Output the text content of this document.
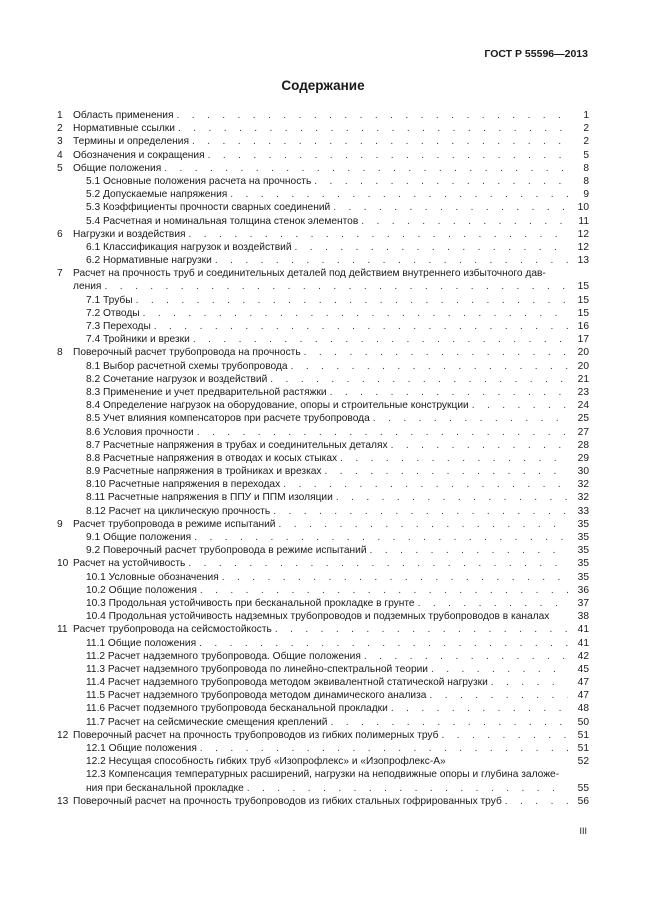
ГОСТ Р 55596—2013
Содержание
1 Область применения . . .	1
2 Нормативные ссылки . . .	2
3 Термины и определения . . .	2
4 Обозначения и сокращения . . .	5
5 Общие положения . . .	8
5.1 Основные положения расчета на прочность . . .	8
5.2 Допускаемые напряжения . . .	9
5.3 Коэффициенты прочности сварных соединений . . .	10
5.4 Расчетная и номинальная толщина стенок элементов . . .	11
6 Нагрузки и воздействия . . .	12
6.1 Классификация нагрузок и воздействий . . .	12
6.2 Нормативные нагрузки . . .	13
7 Расчет на прочность труб и соединительных деталей под действием внутреннего избыточного дав-
ления . . .	15
7.1 Трубы . . .	15
7.2 Отводы . . .	15
7.3 Переходы . . .	16
7.4 Тройники и врезки . . .	17
8 Поверочный расчет трубопровода на прочность . . .	20
8.1 Выбор расчетной схемы трубопровода . . .	20
8.2 Сочетание нагрузок и воздействий . . .	21
8.3 Применение и учет предварительной растяжки . . .	23
8.4 Определение нагрузок на оборудование, опоры и строительные конструкции . . .	24
8.5 Учет влияния компенсаторов при расчете трубопровода . . .	25
8.6 Условия прочности . . .	27
8.7 Расчетные напряжения в трубах и соединительных деталях . . .	28
8.8 Расчетные напряжения в отводах и косых стыках . . .	29
8.9 Расчетные напряжения в тройниках и врезках . . .	30
8.10 Расчетные напряжения в переходах . . .	32
8.11 Расчетные напряжения в ППУ и ППМ изоляции . . .	32
8.12 Расчет на циклическую прочность . . .	33
9 Расчет трубопровода в режиме испытаний . . .	35
9.1 Общие положения . . .	35
9.2 Поверочный расчет трубопровода в режиме испытаний . . .	35
10 Расчет на устойчивость . . .	35
10.1 Условные обозначения . . .	35
10.2 Общие положения . . .	36
10.3 Продольная устойчивость при бесканальной прокладке в грунте . . .	37
10.4 Продольная устойчивость надземных трубопроводов и подземных трубопроводов в каналах	38
11 Расчет трубопровода на сейсмостойкость . . .	41
11.1 Общие положения . . .	41
11.2 Расчет надземного трубопровода. Общие положения . . .	42
11.3 Расчет надземного трубопровода по линейно-спектральной теории . . .	45
11.4 Расчет надземного трубопровода методом эквивалентной статической нагрузки . . .	47
11.5 Расчет надземного трубопровода методом динамического анализа . . .	47
11.6 Расчет подземного трубопровода бесканальной прокладки . . .	48
11.7 Расчет на сейсмические смещения креплений . . .	50
12 Поверочный расчет на прочность трубопроводов из гибких полимерных труб . . .	51
12.1 Общие положения . . .	51
12.2 Несущая способность гибких труб «Изопрофлекс» и «Изопрофлекс-А»	52
12.3 Компенсация температурных расширений, нагрузки на неподвижные опоры и глубина заложе-
ния при бесканальной прокладке . . .	55
13 Поверочный расчет на прочность трубопроводов из гибких стальных гофрированных труб . . .	56
III
